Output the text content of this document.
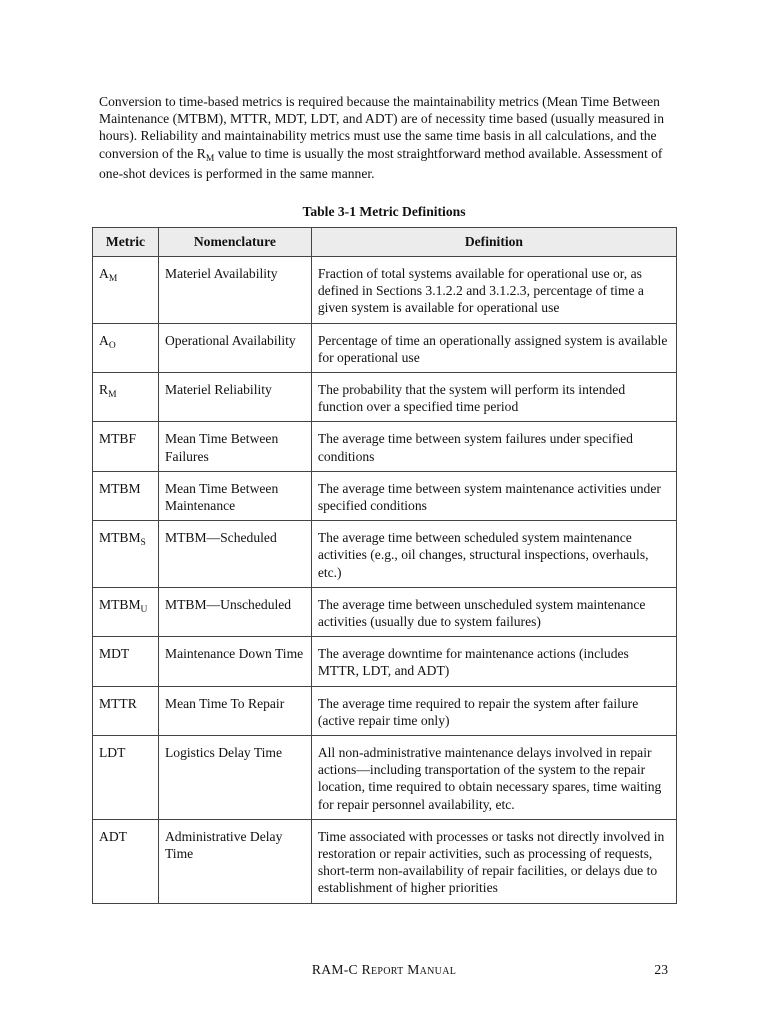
Conversion to time-based metrics is required because the maintainability metrics (Mean Time Between Maintenance (MTBM), MTTR, MDT, LDT, and ADT) are of necessity time based (usually measured in hours). Reliability and maintainability metrics must use the same time basis in all calculations, and the conversion of the $R_M$ value to time is usually the most straightforward method available. Assessment of one-shot devices is performed in the same manner.

Table 3-1 Metric Definitions

Metric	Nomenclature	Definition
$A_M$	Materiel Availability	Fraction of total systems available for operational use or, as defined in Sections 3.1.2.2 and 3.1.2.3, percentage of time a given system is available for operational use
$A_O$	Operational Availability	Percentage of time an operationally assigned system is available for operational use
$R_M$	Materiel Reliability	The probability that the system will perform its intended function over a specified time period
MTBF	Mean Time Between Failures	The average time between system failures under specified conditions
MTBM	Mean Time Between Maintenance	The average time between system maintenance activities under specified conditions
$MTBM_S$	MTBM—Scheduled	The average time between scheduled system maintenance activities (e.g., oil changes, structural inspections, overhauls, etc.)
$MTBM_U$	MTBM—Unscheduled	The average time between unscheduled system maintenance activities (usually due to system failures)
MDT	Maintenance Down Time	The average downtime for maintenance actions (includes MTTR, LDT, and ADT)
MTTR	Mean Time To Repair	The average time required to repair the system after failure (active repair time only)
LDT	Logistics Delay Time	All non-administrative maintenance delays involved in repair actions—including transportation of the system to the repair location, time required to obtain necessary spares, time waiting for repair personnel availability, etc.
ADT	Administrative Delay Time	Time associated with processes or tasks not directly involved in restoration or repair activities, such as processing of requests, short-term non-availability of repair facilities, or delays due to establishment of higher priorities
RAM-C Report Manual	23
